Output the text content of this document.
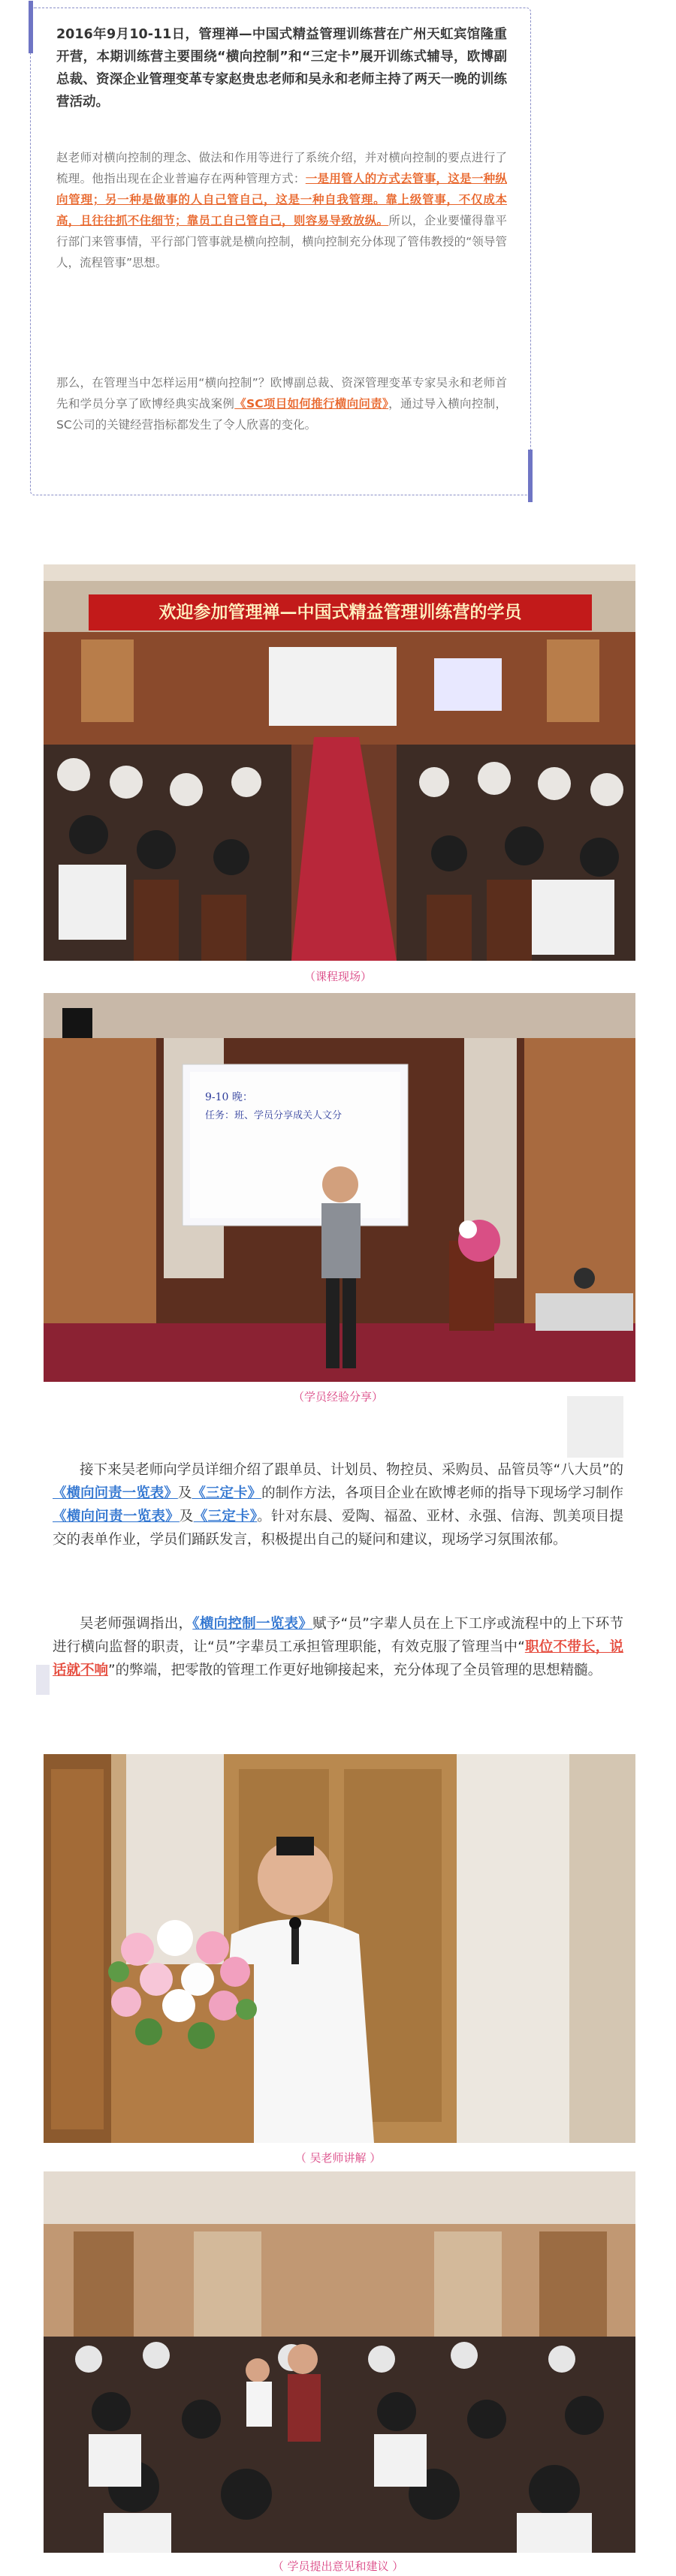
2016年9月10-11日，管理禅—中国式精益管理训练营在广州天虹宾馆隆重开营，本期训练营主要围绕“横向控制”和“三定卡”展开训练式辅导，欧博副总裁、资深企业管理变革专家赵贵忠老师和吴永和老师主持了两天一晚的训练营活动。
赵老师对横向控制的理念、做法和作用等进行了系统介绍，并对横向控制的要点进行了梳理。他指出现在企业普遍存在两种管理方式：一是用管人的方式去管事，这是一种纵向管理；另一种是做事的人自己管自己，这是一种自我管理。靠上级管事，不仅成本高，且往往抓不住细节；靠员工自己管自己，则容易导致放纵。所以，企业要懂得靠平行部门来管事情，平行部门管事就是横向控制，横向控制充分体现了管伟教授的“领导管人，流程管事”思想。
那么，在管理当中怎样运用“横向控制”？欧博副总裁、资深管理变革专家吴永和老师首先和学员分享了欧博经典实战案例《SC项目如何推行横向问责》，通过导入横向控制，SC公司的关键经营指标都发生了令人欣喜的变化。
欢迎参加管理禅—中国式精益管理训练营的学员
（课程现场）
9-10 晚：
任务：班、学员分享成关人文分
（学员经验分享）
接下来吴老师向学员详细介绍了跟单员、计划员、物控员、采购员、品管员等“八大员”的《横向问责一览表》及《三定卡》的制作方法，各项目企业在欧博老师的指导下现场学习制作《横向问责一览表》及《三定卡》。针对东晨、爱陶、福盈、亚材、永强、信海、凯美项目提交的表单作业，学员们踊跃发言，积极提出自己的疑问和建议，现场学习氛围浓郁。
吴老师强调指出，《横向控制一览表》赋予“员”字辈人员在上下工序或流程中的上下环节进行横向监督的职责，让“员”字辈员工承担管理职能，有效克服了管理当中“职位不带长，说话就不响”的弊端，把零散的管理工作更好地铆接起来，充分体现了全员管理的思想精髓。
（ 吴老师讲解 ）
（ 学员提出意见和建议 ）
